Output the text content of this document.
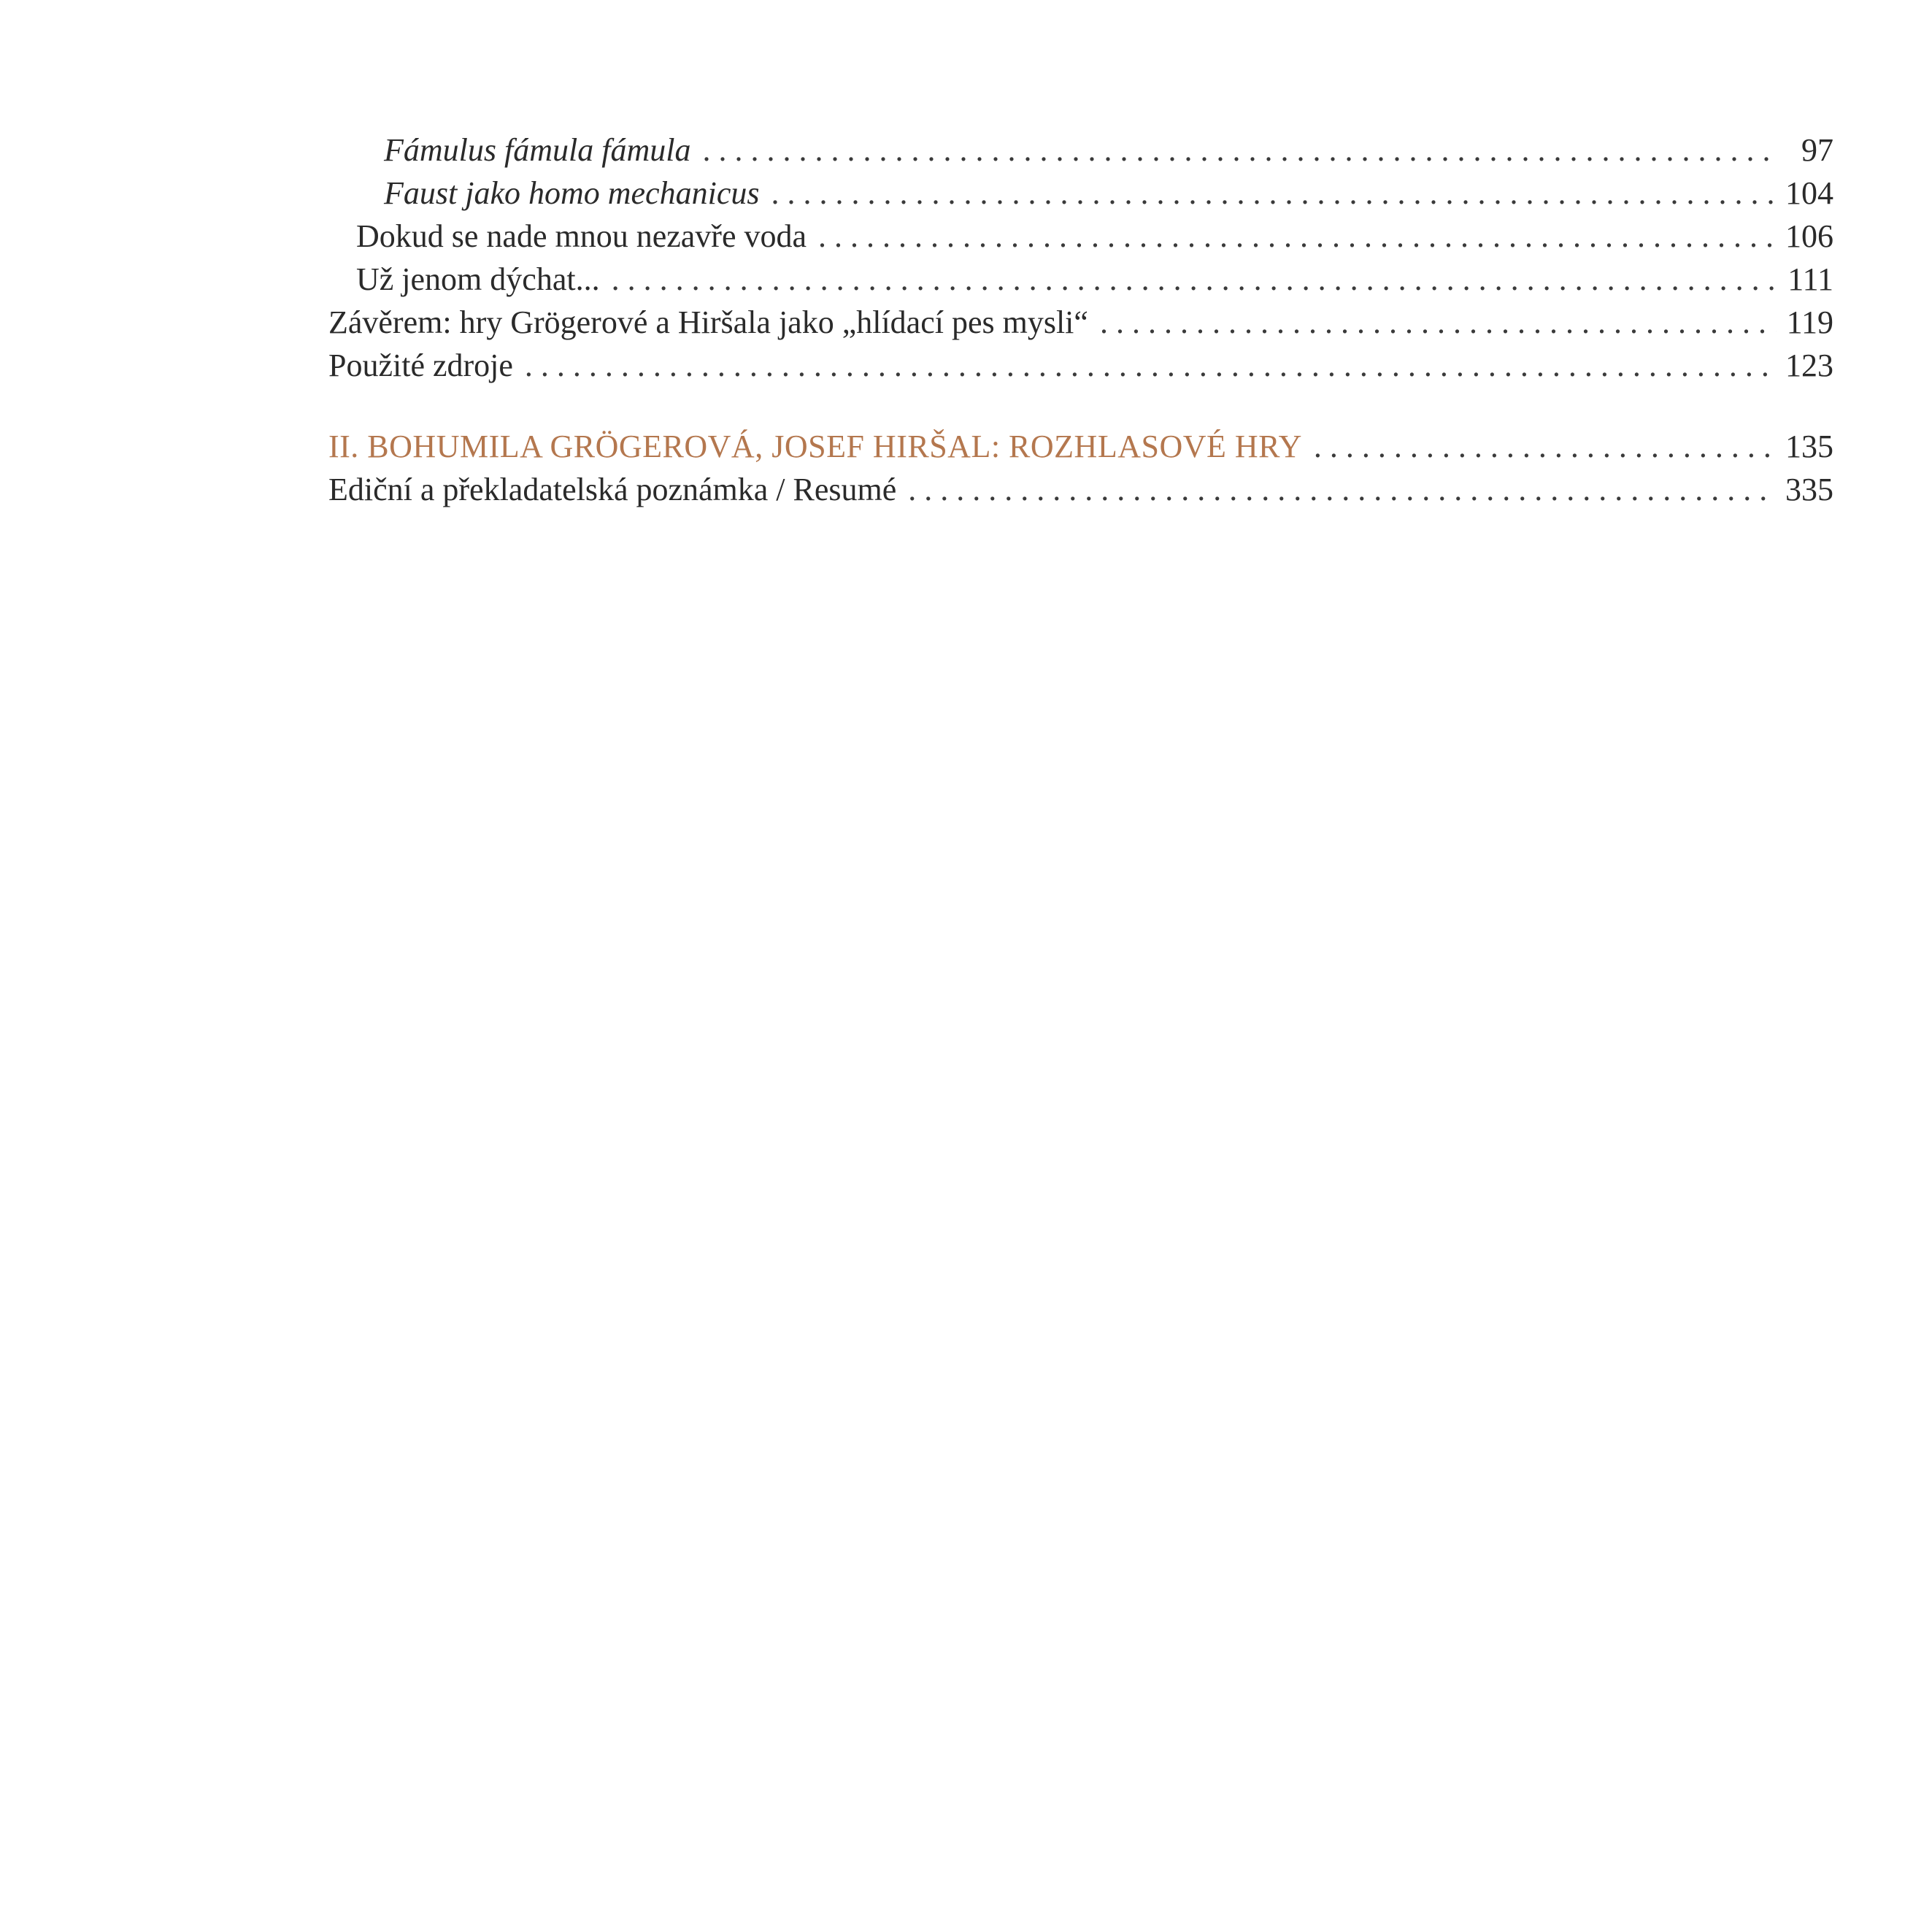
Fámulus fámula fámula . . .	97
Faust jako homo mechanicus . . .	104
Dokud se nade mnou nezavře voda . . .	106
Už jenom dýchat... . . .	111
Závěrem: hry Grögerové a Hiršala jako „hlídací pes mysli“ . . .	119
Použité zdroje . . .	123
II. BOHUMILA GRÖGEROVÁ, JOSEF HIRŠAL: ROZHLASOVÉ HRY . . .	135
Ediční a překladatelská poznámka / Resumé . . .	335
